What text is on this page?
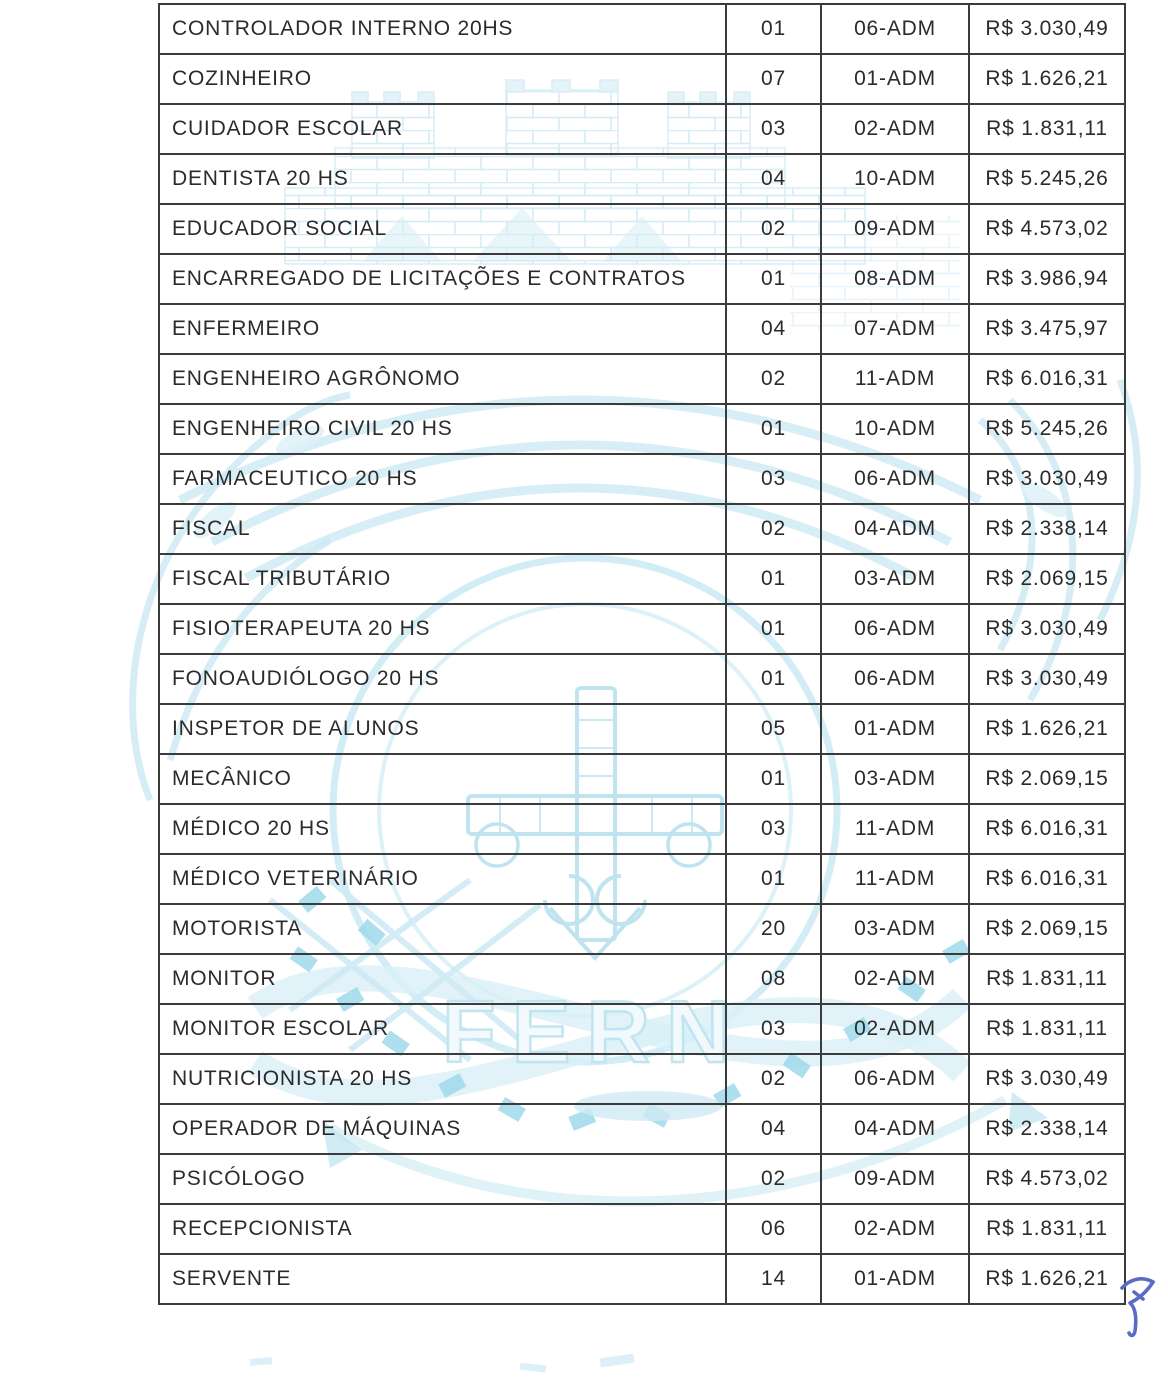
FERN
CONTROLADOR INTERNO 20HS	01	06-ADM	R$ 3.030,49
COZINHEIRO	07	01-ADM	R$ 1.626,21
CUIDADOR ESCOLAR	03	02-ADM	R$ 1.831,11
DENTISTA 20 HS	04	10-ADM	R$ 5.245,26
EDUCADOR SOCIAL	02	09-ADM	R$ 4.573,02
ENCARREGADO DE LICITAÇÕES E CONTRATOS	01	08-ADM	R$ 3.986,94
ENFERMEIRO	04	07-ADM	R$ 3.475,97
ENGENHEIRO AGRÔNOMO	02	11-ADM	R$ 6.016,31
ENGENHEIRO CIVIL 20 HS	01	10-ADM	R$ 5.245,26
FARMACEUTICO 20 HS	03	06-ADM	R$ 3.030,49
FISCAL	02	04-ADM	R$ 2.338,14
FISCAL TRIBUTÁRIO	01	03-ADM	R$ 2.069,15
FISIOTERAPEUTA 20 HS	01	06-ADM	R$ 3.030,49
FONOAUDIÓLOGO 20 HS	01	06-ADM	R$ 3.030,49
INSPETOR DE ALUNOS	05	01-ADM	R$ 1.626,21
MECÂNICO	01	03-ADM	R$ 2.069,15
MÉDICO 20 HS	03	11-ADM	R$ 6.016,31
MÉDICO VETERINÁRIO	01	11-ADM	R$ 6.016,31
MOTORISTA	20	03-ADM	R$ 2.069,15
MONITOR	08	02-ADM	R$ 1.831,11
MONITOR ESCOLAR	03	02-ADM	R$ 1.831,11
NUTRICIONISTA 20 HS	02	06-ADM	R$ 3.030,49
OPERADOR DE MÁQUINAS	04	04-ADM	R$ 2.338,14
PSICÓLOGO	02	09-ADM	R$ 4.573,02
RECEPCIONISTA	06	02-ADM	R$ 1.831,11
SERVENTE	14	01-ADM	R$ 1.626,21
